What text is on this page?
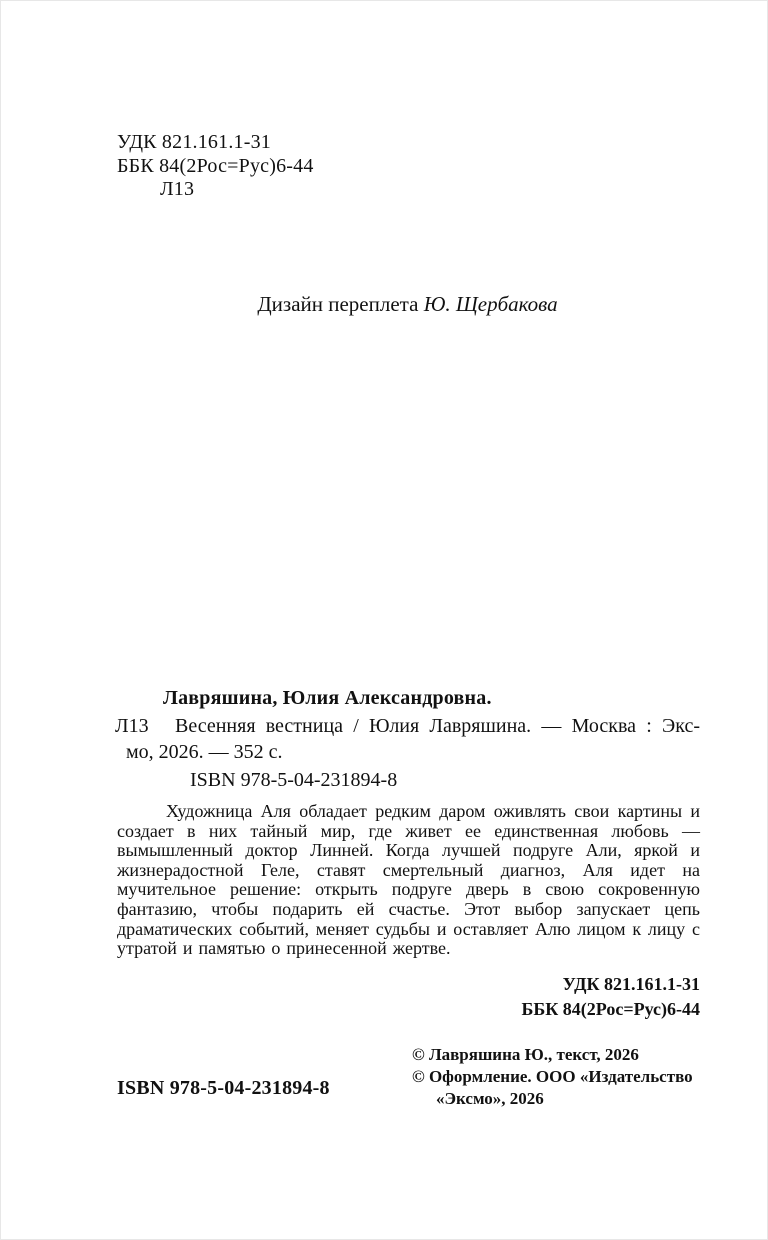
УДК 821.161.1-31
ББК 84(2Рос=Рус)6-44
Л13
Дизайн переплета Ю. Щербакова
Лавряшина, Юлия Александровна.
Л13	Весенняя вестница / Юлия Лавряшина. — Москва : Экс-
мо, 2026. — 352 с.
ISBN 978-5-04-231894-8
Художница Аля обладает редким даром оживлять свои картины и создает в них тайный мир, где живет ее единственная любовь — вымышленный доктор Линней. Когда лучшей подруге Али, яркой и жизнерадостной Геле, ставят смертельный диагноз, Аля идет на мучительное решение: открыть подруге дверь в свою сокровенную фантазию, чтобы подарить ей счастье. Этот выбор запускает цепь драматических событий, меняет судьбы и оставляет Алю лицом к лицу с утратой и памятью о принесенной жертве.
УДК 821.161.1-31
ББК 84(2Рос=Рус)6-44
© Лавряшина Ю., текст, 2026
© Оформление. ООО «Издательство
«Эксмо», 2026
ISBN 978-5-04-231894-8
